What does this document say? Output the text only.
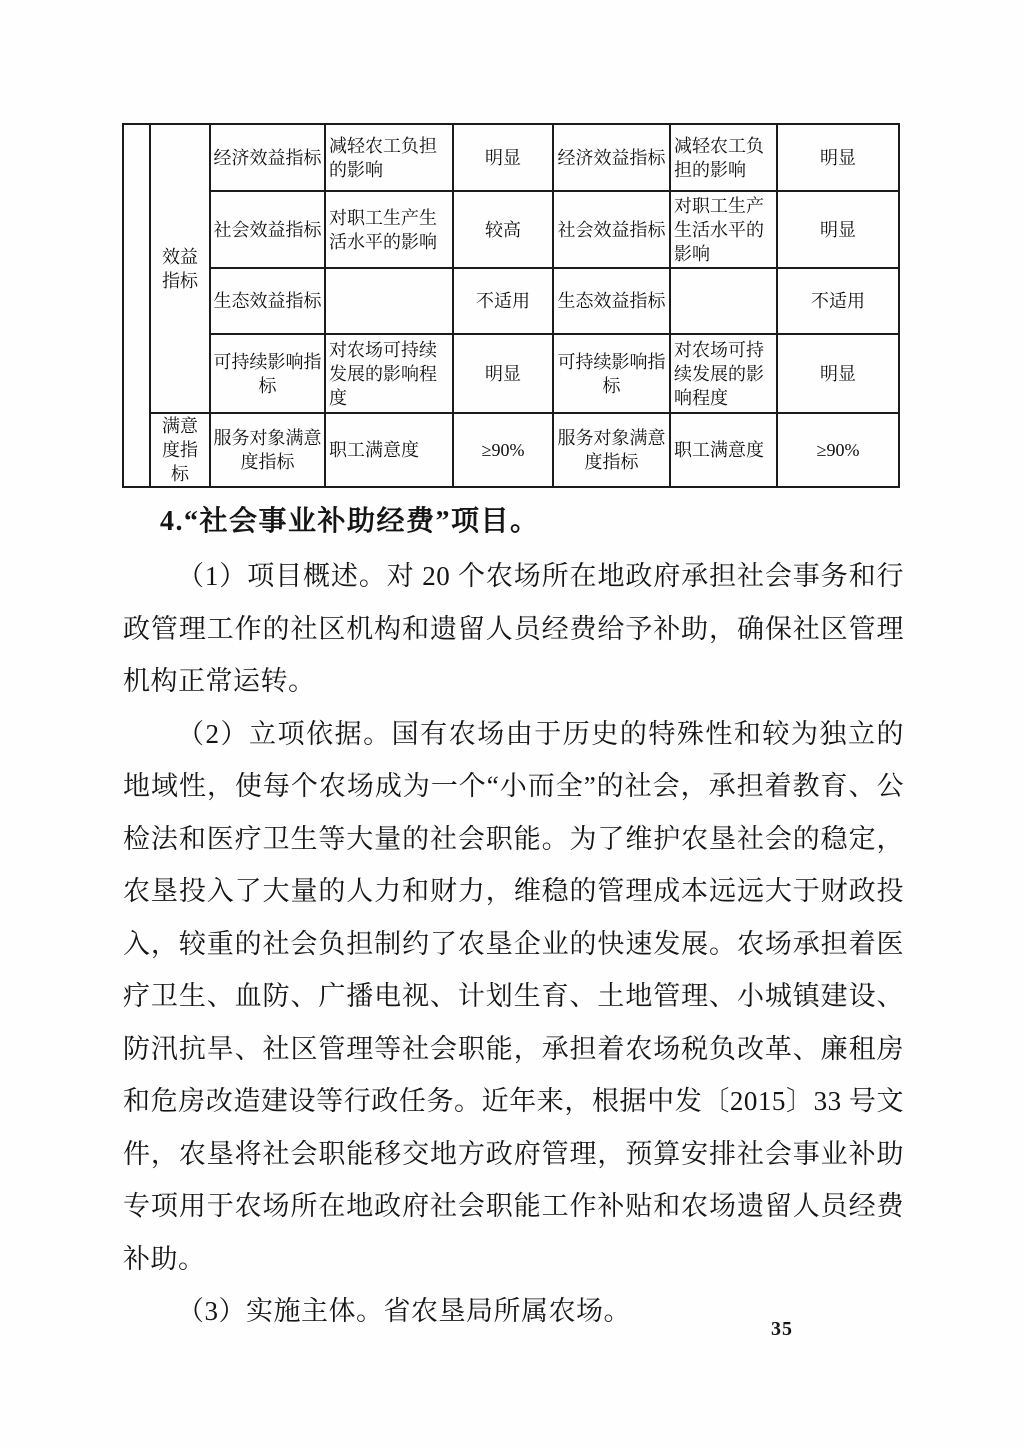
	效益指标	经济效益指标	减轻农工负担的影响	明显	经济效益指标	减轻农工负担的影响	明显
		社会效益指标	对职工生产生活水平的影响	较高	社会效益指标	对职工生产生活水平的影响	明显
		生态效益指标		不适用	生态效益指标		不适用
		可持续影响指标	对农场可持续发展的影响程度	明显	可持续影响指标	对农场可持续发展的影响程度	明显
	满意度指标	服务对象满意度指标	职工满意度	≥90%	服务对象满意度指标	职工满意度	≥90%
4.“社会事业补助经费”项目。

（1）项目概述。对 20 个农场所在地政府承担社会事务和行政管理工作的社区机构和遗留人员经费给予补助，确保社区管理机构正常运转。

（2）立项依据。国有农场由于历史的特殊性和较为独立的地域性，使每个农场成为一个“小而全”的社会，承担着教育、公检法和医疗卫生等大量的社会职能。为了维护农垦社会的稳定，农垦投入了大量的人力和财力，维稳的管理成本远远大于财政投入，较重的社会负担制约了农垦企业的快速发展。农场承担着医疗卫生、血防、广播电视、计划生育、土地管理、小城镇建设、防汛抗旱、社区管理等社会职能，承担着农场税负改革、廉租房和危房改造建设等行政任务。近年来，根据中发〔2015〕33 号文件，农垦将社会职能移交地方政府管理，预算安排社会事业补助专项用于农场所在地政府社会职能工作补贴和农场遗留人员经费补助。

（3）实施主体。省农垦局所属农场。

35
